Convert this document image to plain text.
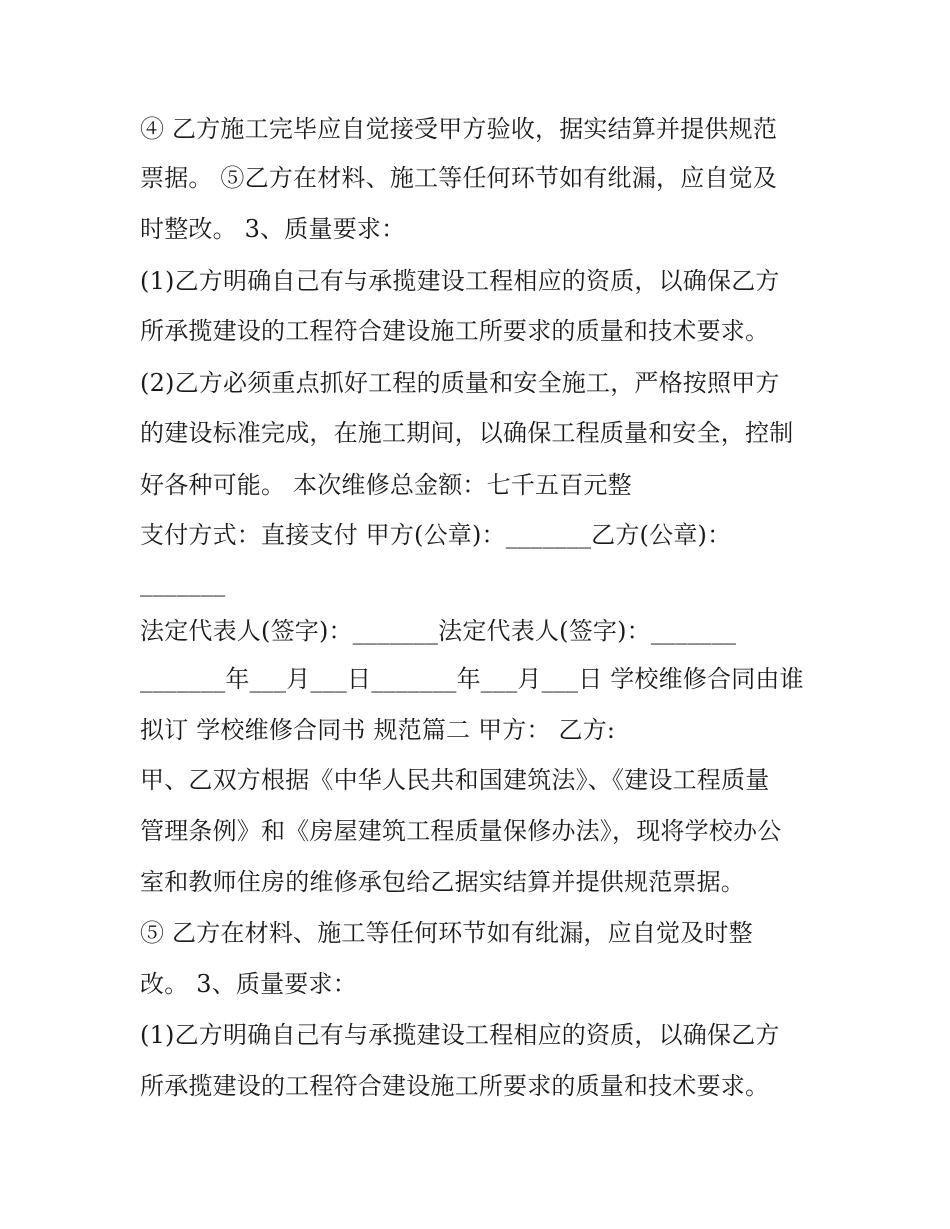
④ 乙方施工完毕应自觉接受甲方验收，据实结算并提供规范
票据。 ⑤乙方在材料、施工等任何环节如有纰漏，应自觉及
时整改。 3、质量要求：
(1)乙方明确自己有与承揽建设工程相应的资质，以确保乙方
所承揽建设的工程符合建设施工所要求的质量和技术要求。
(2)乙方必须重点抓好工程的质量和安全施工，严格按照甲方
的建设标准完成，在施工期间，以确保工程质量和安全，控制
好各种可能。 本次维修总金额：七千五百元整
支付方式：直接支付 甲方(公章)：_______乙方(公章)：
_______
法定代表人(签字)：_______法定代表人(签字)：_______
_______年___月___日_______年___月___日 学校维修合同由谁
拟订 学校维修合同书 规范篇二 甲方： 乙方:
甲、乙双方根据《中华人民共和国建筑法》、《建设工程质量
管理条例》和《房屋建筑工程质量保修办法》，现将学校办公
室和教师住房的维修承包给乙据实结算并提供规范票据。
⑤ 乙方在材料、施工等任何环节如有纰漏，应自觉及时整
改。 3、质量要求：
(1)乙方明确自己有与承揽建设工程相应的资质，以确保乙方
所承揽建设的工程符合建设施工所要求的质量和技术要求。
